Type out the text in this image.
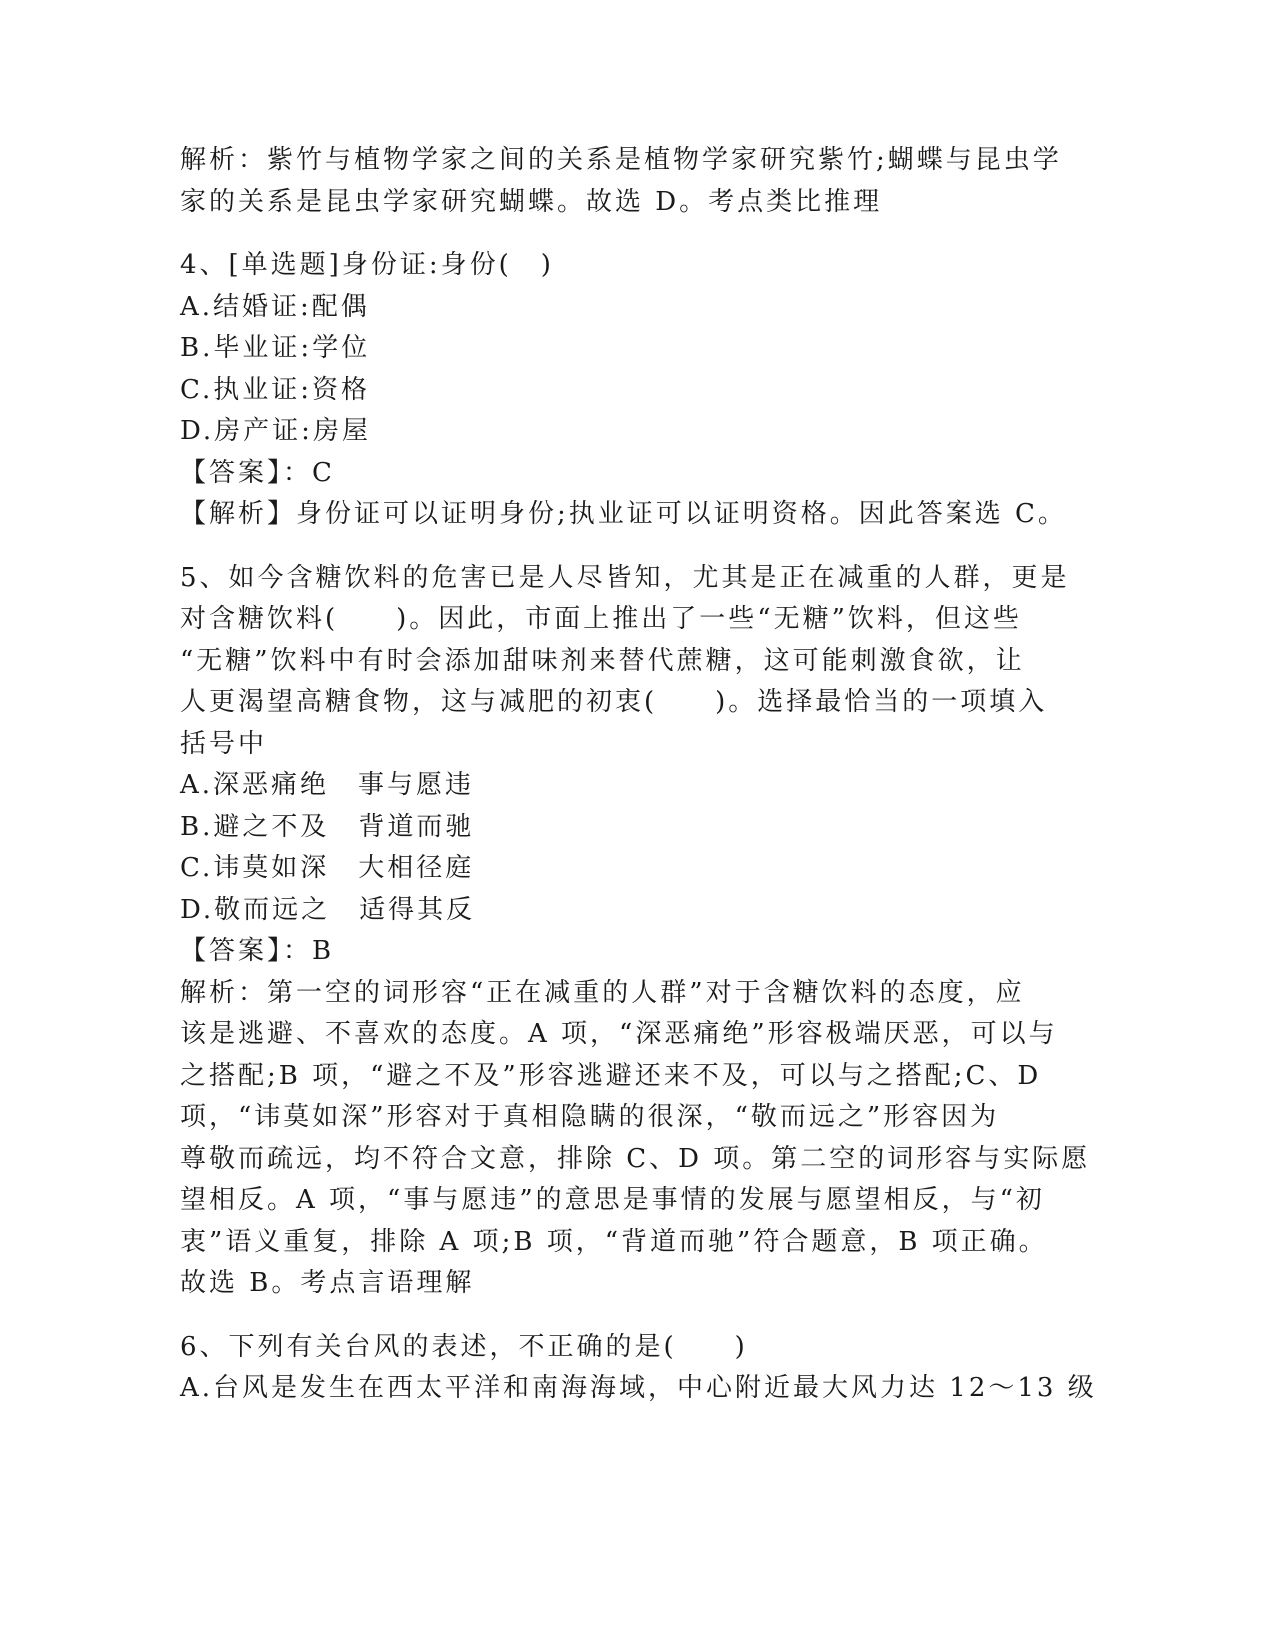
解析：紫竹与植物学家之间的关系是植物学家研究紫竹;蝴蝶与昆虫学
家的关系是昆虫学家研究蝴蝶。故选 D。考点类比推理
4、[单选题]身份证:身份(　)
A.结婚证:配偶
B.毕业证:学位
C.执业证:资格
D.房产证:房屋
【答案】：C
【解析】身份证可以证明身份;执业证可以证明资格。因此答案选 C。
5、如今含糖饮料的危害已是人尽皆知，尤其是正在减重的人群，更是
对含糖饮料(　　)。因此，市面上推出了一些“无糖”饮料，但这些
“无糖”饮料中有时会添加甜味剂来替代蔗糖，这可能刺激食欲，让
人更渴望高糖食物，这与减肥的初衷(　　)。选择最恰当的一项填入
括号中
A.深恶痛绝　事与愿违
B.避之不及　背道而驰
C.讳莫如深　大相径庭
D.敬而远之　适得其反
【答案】：B
解析：第一空的词形容“正在减重的人群”对于含糖饮料的态度，应
该是逃避、不喜欢的态度。A 项，“深恶痛绝”形容极端厌恶，可以与
之搭配;B 项，“避之不及”形容逃避还来不及，可以与之搭配;C、D
项，“讳莫如深”形容对于真相隐瞒的很深，“敬而远之”形容因为
尊敬而疏远，均不符合文意，排除 C、D 项。第二空的词形容与实际愿
望相反。A 项，“事与愿违”的意思是事情的发展与愿望相反，与“初
衷”语义重复，排除 A 项;B 项，“背道而驰”符合题意，B 项正确。
故选 B。考点言语理解
6、下列有关台风的表述，不正确的是(　　)
A.台风是发生在西太平洋和南海海域，中心附近最大风力达 12～13 级
